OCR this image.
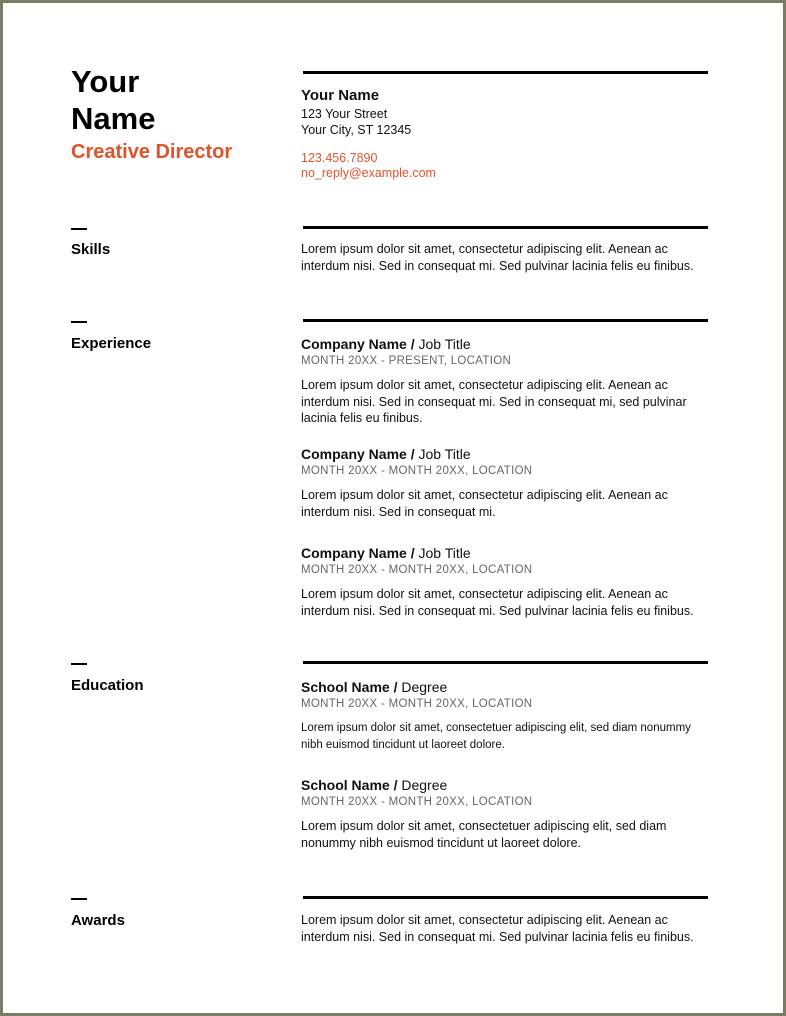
Your
Name
Creative Director
Your Name
123 Your Street
Your City, ST 12345
123.456.7890
no_reply@example.com
Skills	Lorem ipsum dolor sit amet, consectetur adipiscing elit. Aenean ac interdum nisi. Sed in consequat mi. Sed pulvinar lacinia felis eu finibus.
Experience	Company Name / Job Title
MONTH 20XX - PRESENT, LOCATION
Lorem ipsum dolor sit amet, consectetur adipiscing elit. Aenean ac interdum nisi. Sed in consequat mi. Sed in consequat mi, sed pulvinar lacinia felis eu finibus.
Company Name / Job Title
MONTH 20XX - MONTH 20XX, LOCATION
Lorem ipsum dolor sit amet, consectetur adipiscing elit. Aenean ac interdum nisi. Sed in consequat mi.
Company Name / Job Title
MONTH 20XX - MONTH 20XX, LOCATION
Lorem ipsum dolor sit amet, consectetur adipiscing elit. Aenean ac interdum nisi. Sed in consequat mi. Sed pulvinar lacinia felis eu finibus.
Education	School Name / Degree
MONTH 20XX - MONTH 20XX, LOCATION
Lorem ipsum dolor sit amet, consectetuer adipiscing elit, sed diam nonummy nibh euismod tincidunt ut laoreet dolore.
School Name / Degree
MONTH 20XX - MONTH 20XX, LOCATION
Lorem ipsum dolor sit amet, consectetuer adipiscing elit, sed diam nonummy nibh euismod tincidunt ut laoreet dolore.
Awards	Lorem ipsum dolor sit amet, consectetur adipiscing elit. Aenean ac interdum nisi. Sed in consequat mi. Sed pulvinar lacinia felis eu finibus.
